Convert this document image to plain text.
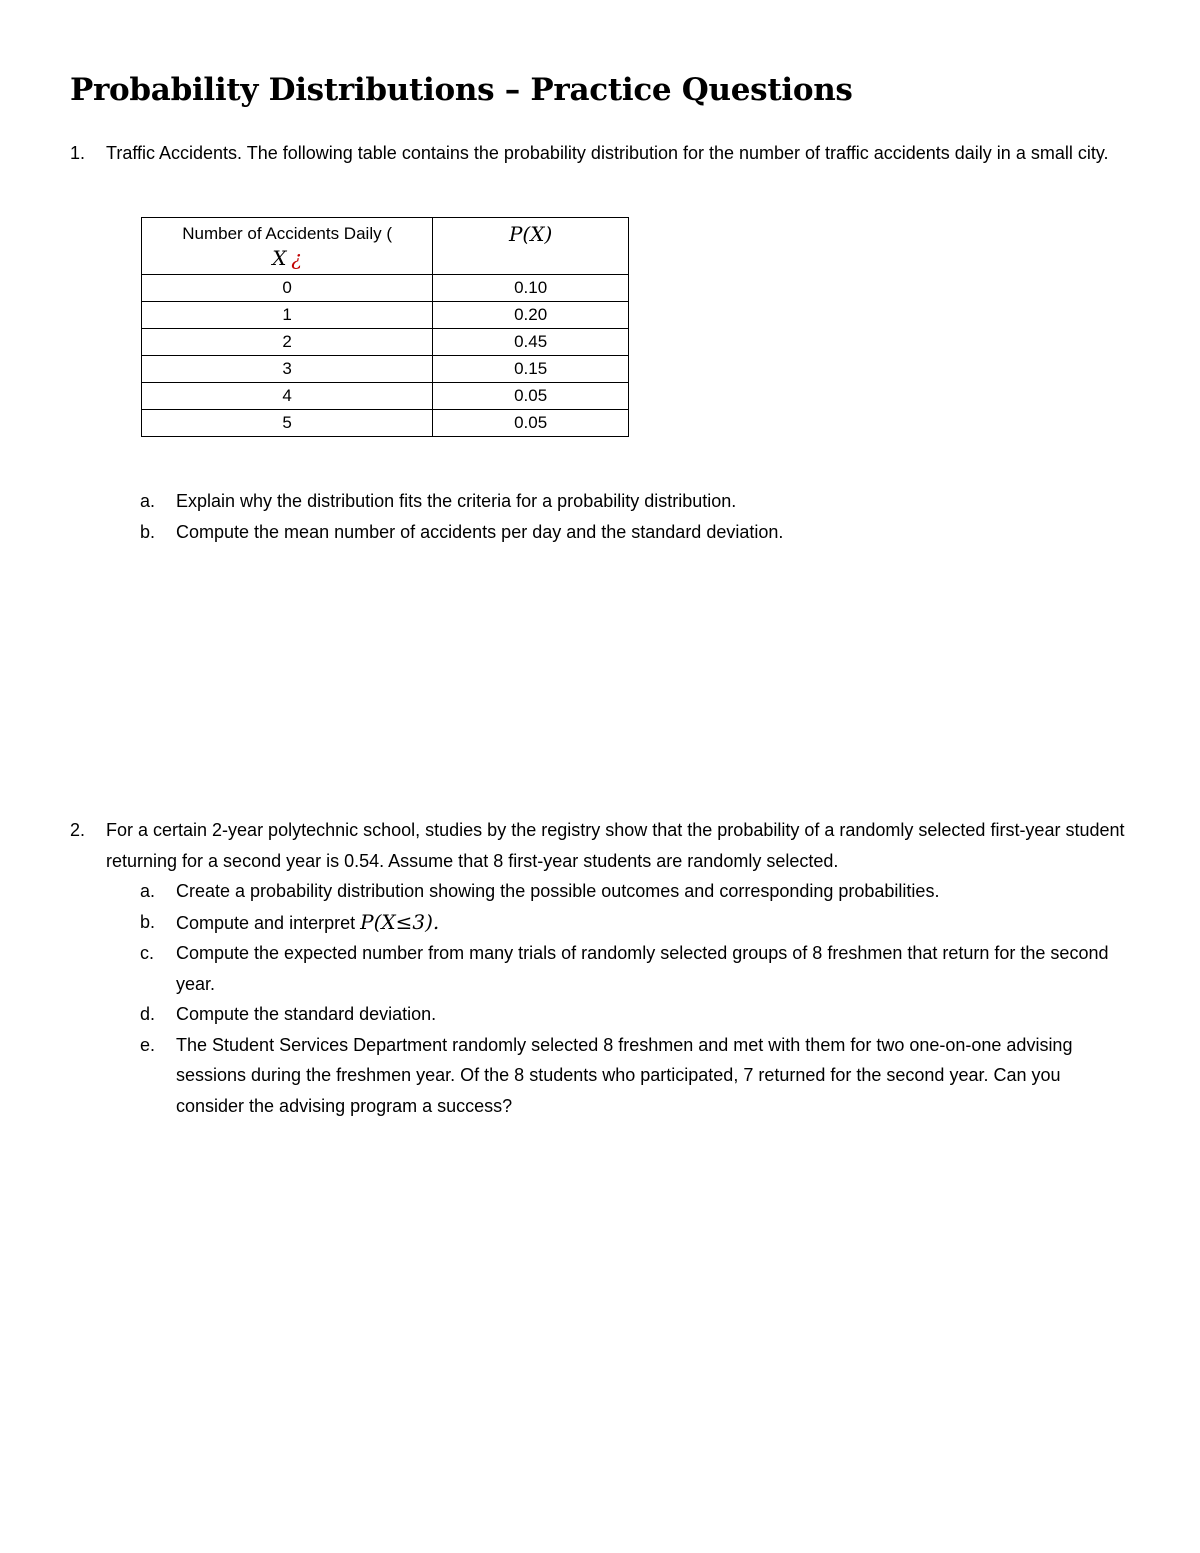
Probability Distributions – Practice Questions
1. Traffic Accidents. The following table contains the probability distribution for the number of traffic accidents daily in a small city.
Number of Accidents Daily (
X ¿	P(X)
0	0.10
1	0.20
2	0.45
3	0.15
4	0.05
5	0.05
a. Explain why the distribution fits the criteria for a probability distribution.
b. Compute the mean number of accidents per day and the standard deviation.
2. For a certain 2-year polytechnic school, studies by the registry show that the probability of a randomly selected first-year student returning for a second year is 0.54. Assume that 8 first-year students are randomly selected.
a. Create a probability distribution showing the possible outcomes and corresponding probabilities.
b. Compute and interpret P(X≤3).
c. Compute the expected number from many trials of randomly selected groups of 8 freshmen that return for the second year.
d. Compute the standard deviation.
e. The Student Services Department randomly selected 8 freshmen and met with them for two one-on-one advising sessions during the freshmen year. Of the 8 students who participated, 7 returned for the second year. Can you consider the advising program a success?
